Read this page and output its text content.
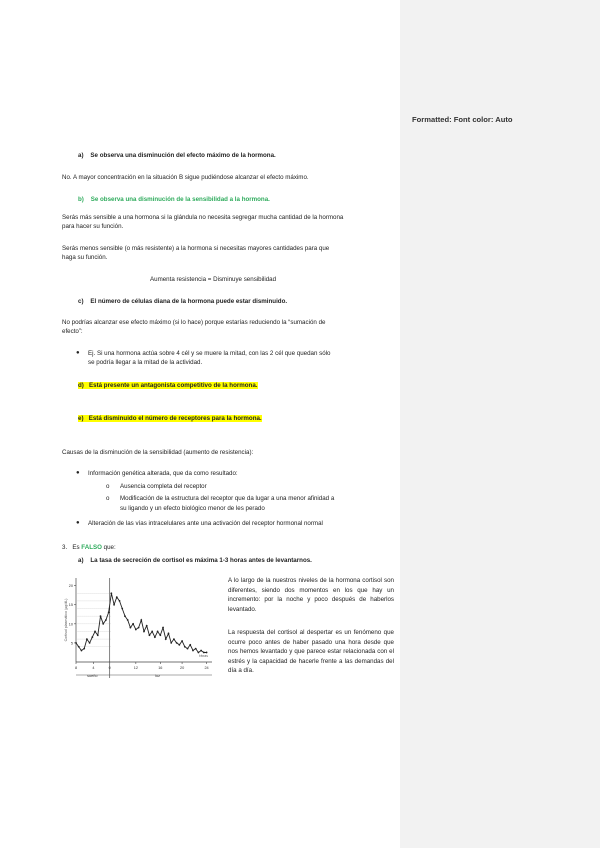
a) Se observa una disminución del efecto máximo de la hormona.
No. A mayor concentración en la situación B sigue pudiéndose alcanzar el efecto máximo.
b) Se observa una disminución de la sensibilidad a la hormona.
Serás más sensible a una hormona si la glándula no necesita segregar mucha cantidad de la hormona
para hacer su función.
Serás menos sensible (o más resistente) a la hormona si necesitas mayores cantidades para que
haga su función.
Aumenta resistencia = Disminuye sensibilidad
c) El número de células diana de la hormona puede estar disminuido.
No podrías alcanzar ese efecto máximo (si lo hace) porque estarías reduciendo la “sumación de
efecto”:
● Ej. Si una hormona actúa sobre 4 cél y se muere la mitad, con las 2 cél que quedan sólo
se podría llegar a la mitad de la actividad.
d) Está presente un antagonista competitivo de la hormona.
e) Está disminuido el número de receptores para la hormona.
Causas de la disminución de la sensibilidad (aumento de resistencia):
● Información genética alterada, que da como resultado:
o Ausencia completa del receptor
o Modificación de la estructura del receptor que da lugar a una menor afinidad a
su ligando y un efecto biológico menor de les perado
● Alteración de las vías intracelulares ante una activación del receptor hormonal normal
3. Es FALSO que:
a) La tasa de secreción de cortisol es máxima 1-3 horas antes de levantarnos.
20
15
10
5
8	4	0	12	16	20	24
Horas
Cortisol plasmático (µg/dL)
sueño	luz
A lo largo de la nuestros niveles de la hormona cortisol son diferentes, siendo dos momentos en los que hay un incremento: por la noche y poco después de haberlos levantado.
La respuesta del cortisol al despertar es un fenómeno que ocurre poco antes de haber pasado una hora desde que nos hemos levantado y que parece estar relacionada con el estrés y la capacidad de hacerle frente a las demandas del día a día.
Formatted: Font color: Auto
